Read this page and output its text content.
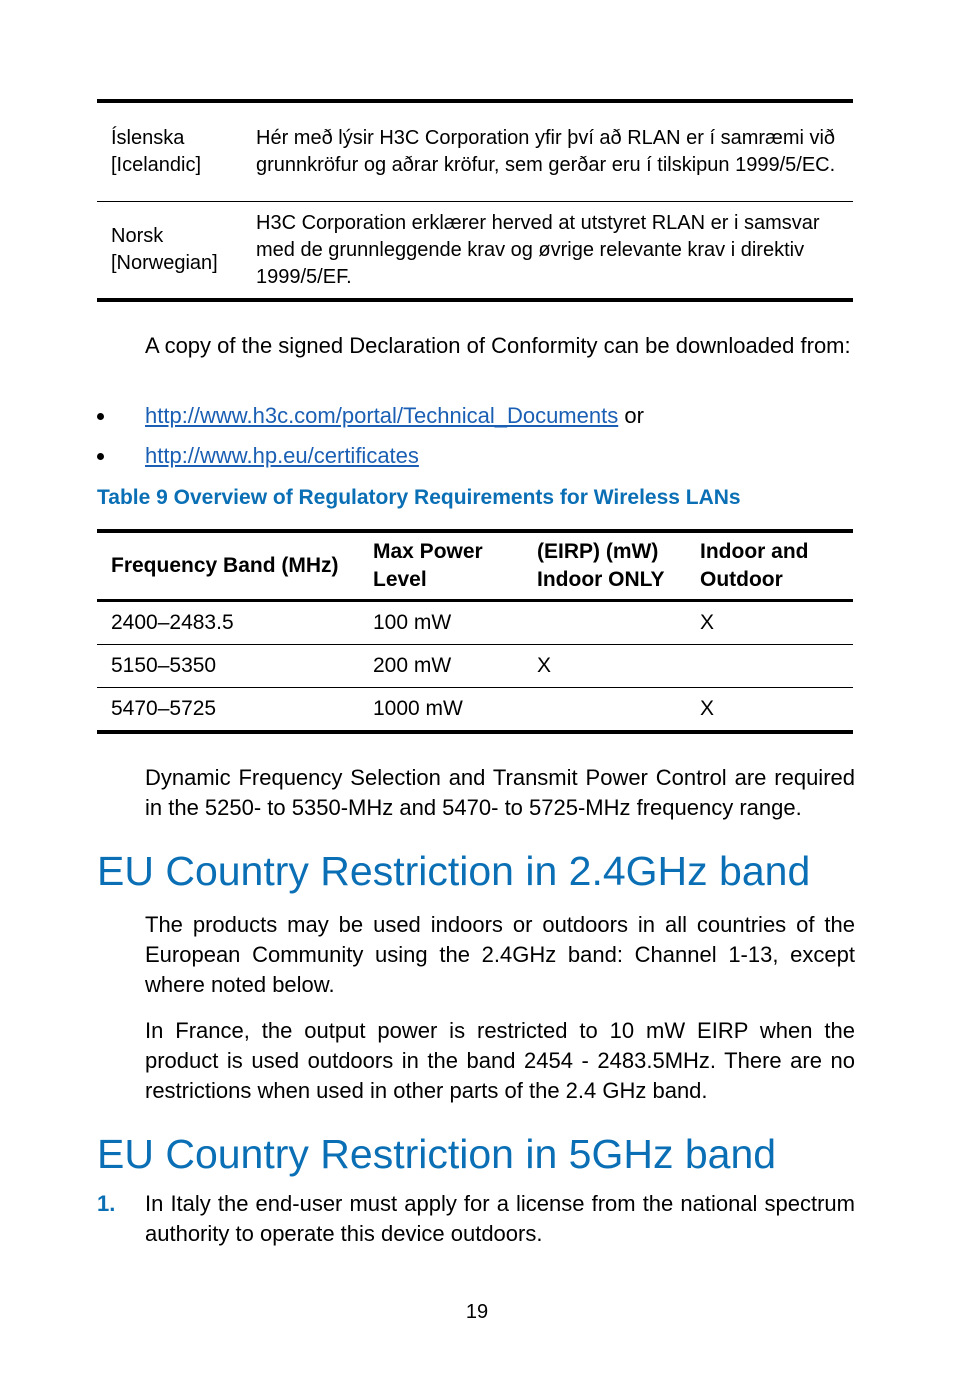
Íslenska [Icelandic]	Hér með lýsir H3C Corporation yfir því að RLAN er í samræmi við grunnkröfur og aðrar kröfur, sem gerðar eru í tilskipun 1999/5/EC.
Norsk [Norwegian]	H3C Corporation erklærer herved at utstyret RLAN er i samsvar med de grunnleggende krav og øvrige relevante krav i direktiv 1999/5/EF.

A copy of the signed Declaration of Conformity can be downloaded from:

http://www.h3c.com/portal/Technical_Documents or
http://www.hp.eu/certificates
Table 9 Overview of Regulatory Requirements for Wireless LANs
Frequency Band (MHz)	Max Power Level	(EIRP) (mW) Indoor ONLY	Indoor and Outdoor
2400–2483.5	100 mW		X
5150–5350	200 mW	X	
5470–5725	1000 mW		X

Dynamic Frequency Selection and Transmit Power Control are required in the 5250- to 5350-MHz and 5470- to 5725-MHz frequency range.

EU Country Restriction in 2.4GHz band

The products may be used indoors or outdoors in all countries of the European Community using the 2.4GHz band: Channel 1-13, except where noted below.

In France, the output power is restricted to 10 mW EIRP when the product is used outdoors in the band 2454 - 2483.5MHz. There are no restrictions when used in other parts of the 2.4 GHz band.

EU Country Restriction in 5GHz band
1. In Italy the end-user must apply for a license from the national spectrum authority to operate this device outdoors.
19
